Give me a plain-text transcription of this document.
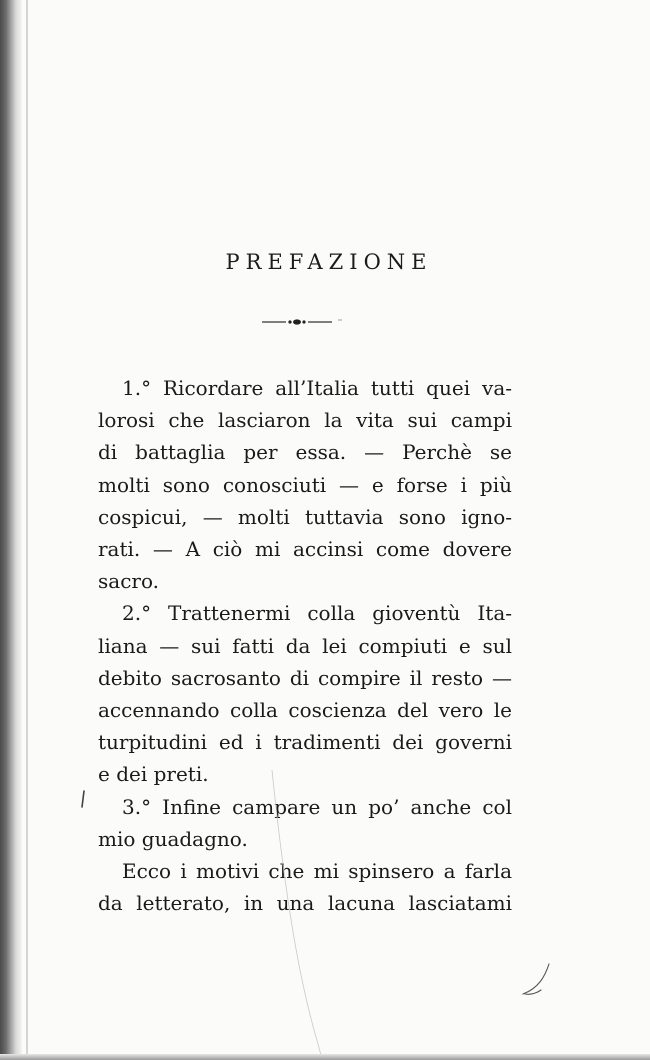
PREFAZIONE
1.° Ricordare all’Italia tutti quei va-
lorosi che lasciaron la vita sui campi
di battaglia per essa. — Perchè se
molti sono conosciuti — e forse i più
cospicui, — molti tuttavia sono igno-
rati. — A ciò mi accinsi come dovere
sacro.
2.° Trattenermi colla gioventù Ita-
liana — sui fatti da lei compiuti e sul
debito sacrosanto di compire il resto —
accennando colla coscienza del vero le
turpitudini ed i tradimenti dei governi
e dei preti.
3.° Infine campare un po’ anche col
mio guadagno.
Ecco i motivi che mi spinsero a farla
da letterato, in una lacuna lasciatami
